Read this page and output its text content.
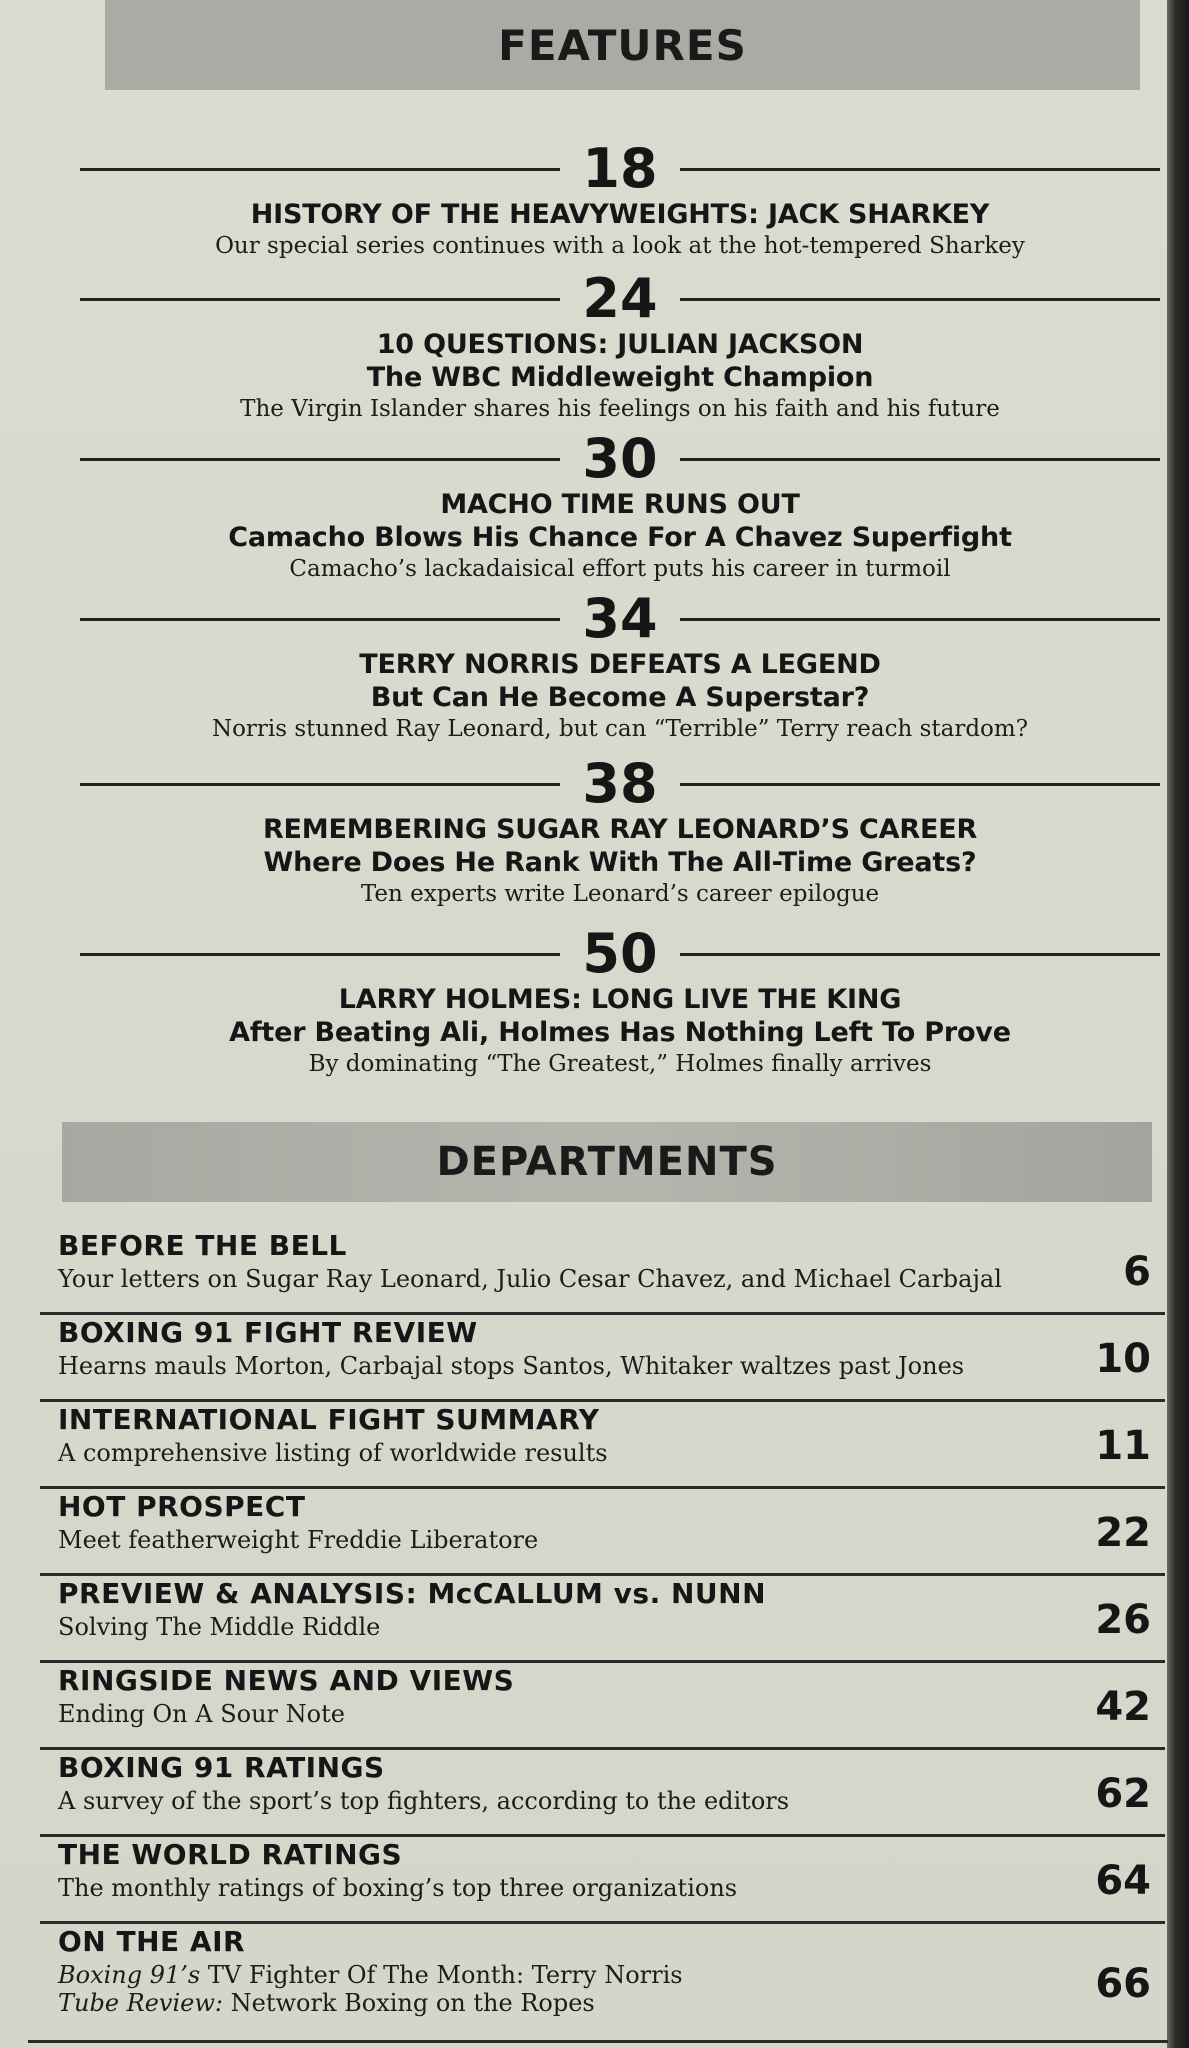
FEATURES
18
HISTORY OF THE HEAVYWEIGHTS: JACK SHARKEY
Our special series continues with a look at the hot-tempered Sharkey
24
10 QUESTIONS: JULIAN JACKSON
The WBC Middleweight Champion
The Virgin Islander shares his feelings on his faith and his future
30
MACHO TIME RUNS OUT
Camacho Blows His Chance For A Chavez Superfight
Camacho’s lackadaisical effort puts his career in turmoil
34
TERRY NORRIS DEFEATS A LEGEND
But Can He Become A Superstar?
Norris stunned Ray Leonard, but can “Terrible” Terry reach stardom?
38
REMEMBERING SUGAR RAY LEONARD’S CAREER
Where Does He Rank With The All-Time Greats?
Ten experts write Leonard’s career epilogue
50
LARRY HOLMES: LONG LIVE THE KING
After Beating Ali, Holmes Has Nothing Left To Prove
By dominating “The Greatest,” Holmes finally arrives
DEPARTMENTS
BEFORE THE BELL
Your letters on Sugar Ray Leonard, Julio Cesar Chavez, and Michael Carbajal	6
BOXING 91 FIGHT REVIEW
Hearns mauls Morton, Carbajal stops Santos, Whitaker waltzes past Jones	10
INTERNATIONAL FIGHT SUMMARY
A comprehensive listing of worldwide results	11
HOT PROSPECT
Meet featherweight Freddie Liberatore	22
PREVIEW & ANALYSIS: McCALLUM vs. NUNN
Solving The Middle Riddle	26
RINGSIDE NEWS AND VIEWS
Ending On A Sour Note	42
BOXING 91 RATINGS
A survey of the sport’s top fighters, according to the editors	62
THE WORLD RATINGS
The monthly ratings of boxing’s top three organizations	64
ON THE AIR
Boxing 91’s TV Fighter Of The Month: Terry Norris
Tube Review: Network Boxing on the Ropes	66
